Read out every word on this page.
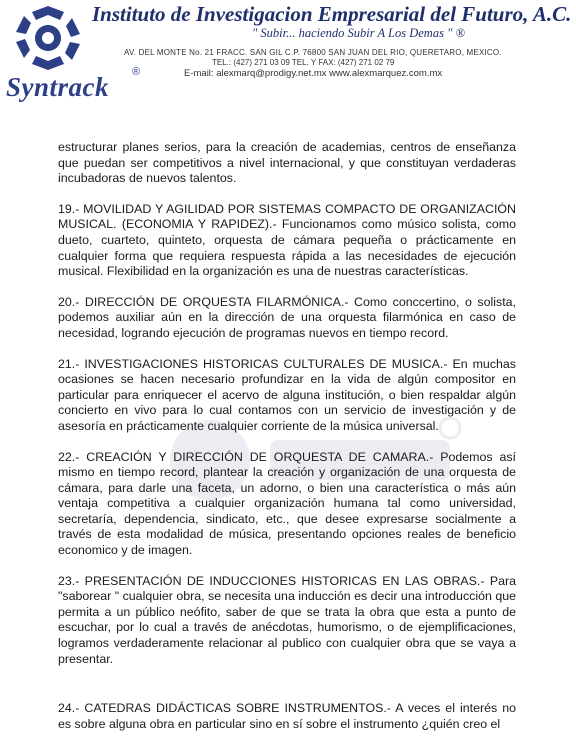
Instituto de Investigacion Empresarial del Futuro, A.C.
" Subir... haciendo Subir A Los Demas " ®
AV. DEL MONTE No. 21 FRACC. SAN GIL C.P. 76800 SAN JUAN DEL RIO, QUERETARO, MEXICO.
TEL.: (427) 271 03 09 TEL. Y FAX: (427) 271 02 79
E-mail: alexmarq@prodigy.net.mx www.alexmarquez.com.mx
Syntrack ®

estructurar planes serios, para la creación de academias, centros de enseñanza que puedan ser competitivos a nivel internacional, y que constituyan verdaderas incubadoras de nuevos talentos.

19.- MOVILIDAD Y AGILIDAD POR SISTEMAS COMPACTO DE ORGANIZACIÓN MUSICAL. (ECONOMIA Y RAPIDEZ).- Funcionamos como músico solista, como dueto, cuarteto, quinteto, orquesta de cámara pequeña o prácticamente en cualquier forma que requiera respuesta rápida a las necesidades de ejecución musical. Flexibilidad en la organización es una de nuestras características.

20.- DIRECCIÓN DE ORQUESTA FILARMÓNICA.- Como conccertino, o solista, podemos auxiliar aún en la dirección de una orquesta filarmónica en caso de necesidad, logrando ejecución de programas nuevos en tiempo record.

21.- INVESTIGACIONES HISTORICAS CULTURALES DE MUSICA.- En muchas ocasiones se hacen necesario profundizar en la vida de algún compositor en particular para enriquecer el acervo de alguna institución, o bien respaldar algún concierto en vivo para lo cual contamos con un servicio de investigación y de asesoría en prácticamente cualquier corriente de la música universal.

22.- CREACIÓN Y DIRECCIÓN DE ORQUESTA DE CAMARA.- Podemos así mismo en tiempo record, plantear la creación y organización de una orquesta de cámara, para darle una faceta, un adorno, o bien una característica o más aún ventaja competitiva a cualquier organización humana tal como universidad, secretaría, dependencia, sindicato, etc., que desee expresarse socialmente a través de esta modalidad de música, presentando opciones reales de beneficio economico y de imagen.

23.- PRESENTACIÓN DE INDUCCIONES HISTORICAS EN LAS OBRAS.- Para "saborear " cualquier obra, se necesita una inducción es decir una introducción que permita a un público neófito, saber de que se trata la obra que esta a punto de escuchar, por lo cual a través de anécdotas, humorismo, o de ejemplificaciones, logramos verdaderamente relacionar al publico con cualquier obra que se vaya a presentar.

24.- CATEDRAS DIDÁCTICAS SOBRE INSTRUMENTOS.- A veces el interés no es sobre alguna obra en particular sino en sí sobre el instrumento ¿quién creo el
